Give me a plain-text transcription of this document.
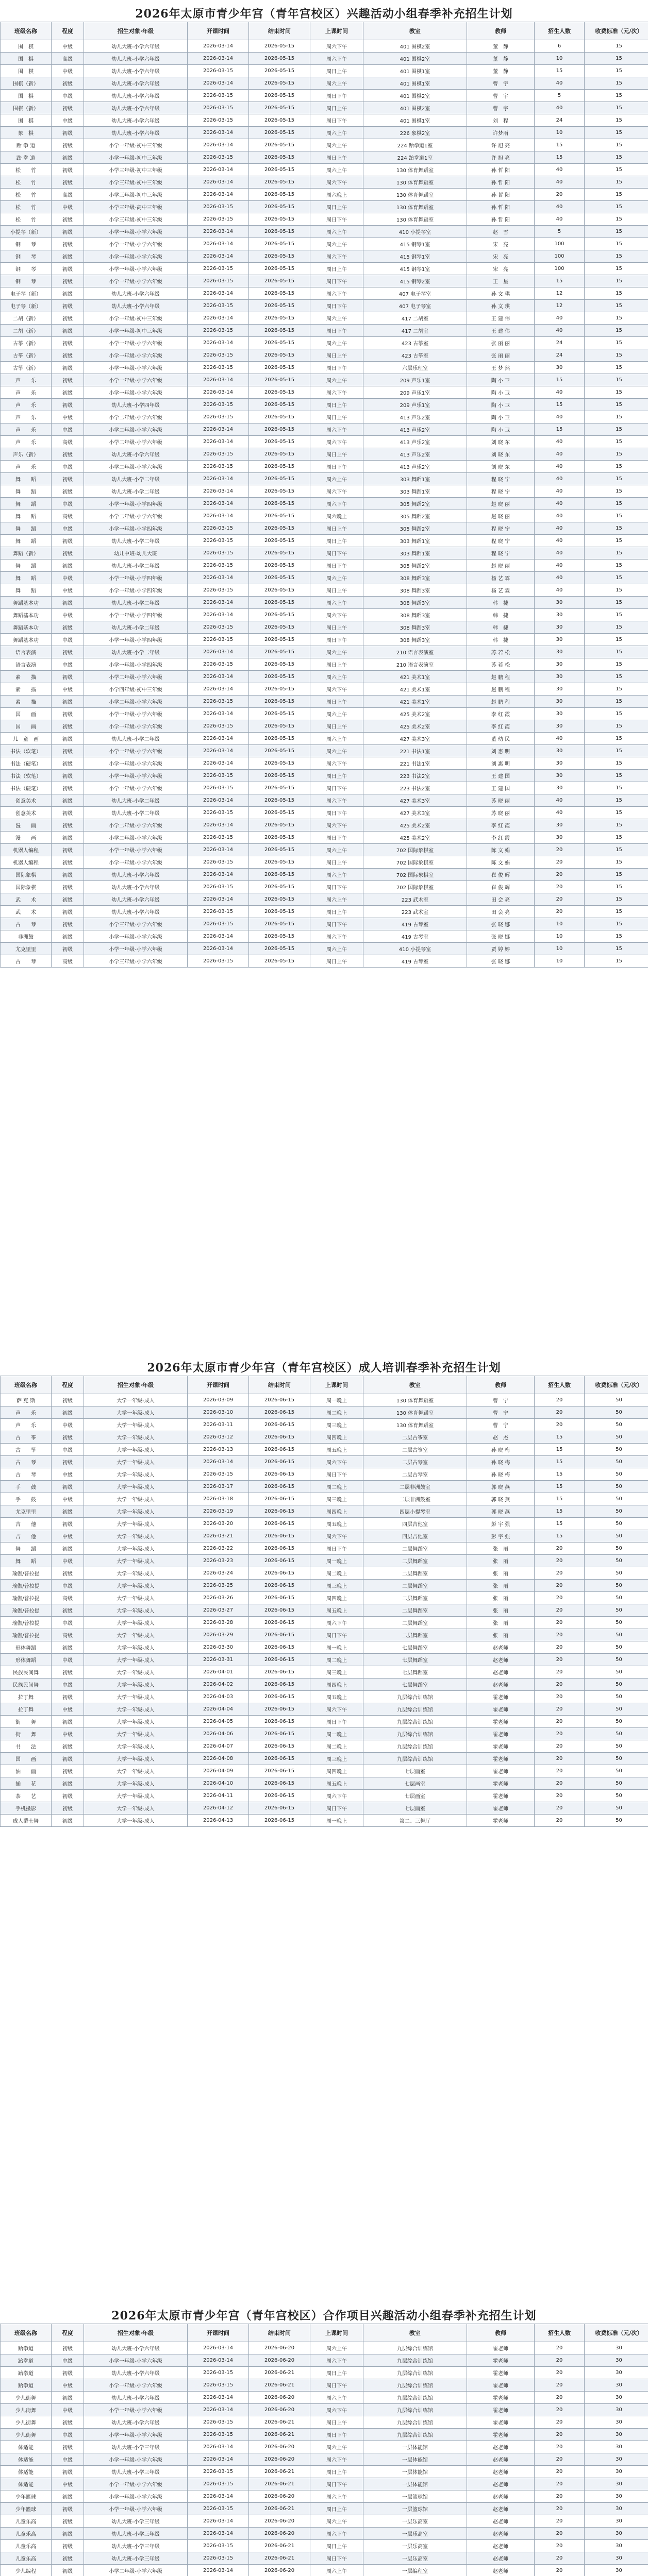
2026年太原市青少年宫（青年宫校区）兴趣活动小组春季补充招生计划
班级名称	程度	招生对象·年级	开课时间	结束时间	上课时间	教室	教师	招生人数	收费标准（元/次）
围　棋	中级	幼儿大班-小学六年级	2026-03-14	2026-05-15	周六下午	401 围棋2室	董　静	6	15
围　棋	高级	幼儿大班-小学六年级	2026-03-14	2026-05-15	周六下午	401 围棋2室	董　静	10	15
围　棋	中级	幼儿大班-小学六年级	2026-03-15	2026-05-15	周日上午	401 围棋1室	董　静	15	15
围棋（新）	初级	幼儿大班-小学六年级	2026-03-14	2026-05-15	周六上午	401 围棋1室	曹　宇	40	15
围　棋	中级	幼儿大班-小学六年级	2026-03-15	2026-05-15	周日下午	401 围棋2室	曹　宇	5	15
围棋（新）	初级	幼儿大班-小学六年级	2026-03-15	2026-05-15	周日上午	401 围棋2室	曹　宇	40	15
围　棋	中级	幼儿大班-小学六年级	2026-03-15	2026-05-15	周日下午	401 围棋1室	刘　程	24	15
象　棋	初级	幼儿大班-小学六年级	2026-03-14	2026-05-15	周六上午	226 象棋2室	许梦雨	10	15
跆 拳 道	初级	小学一年级-初中三年级	2026-03-14	2026-05-15	周六上午	224 跆拳道1室	许 旭 亮	15	15
跆 拳 道	初级	小学一年级-初中三年级	2026-03-15	2026-05-15	周日上午	224 跆拳道1室	许 旭 亮	15	15
松　　竹	初级	小学三年级-初中三年级	2026-03-14	2026-05-15	周六上午	130 体育舞蹈室	孙 哲 阳	40	15
松　　竹	初级	小学三年级-初中三年级	2026-03-14	2026-05-15	周六下午	130 体育舞蹈室	孙 哲 阳	40	15
松　　竹	高级	小学三年级-初中三年级	2026-03-14	2026-05-15	周六晚上	130 体育舞蹈室	孙 哲 阳	20	15
松　　竹	中级	小学三年级-高中三年级	2026-03-15	2026-05-15	周日上午	130 体育舞蹈室	孙 哲 阳	40	15
松　　竹	初级	小学三年级-初中三年级	2026-03-15	2026-05-15	周日下午	130 体育舞蹈室	孙 哲 阳	40	15
小提琴（新）	初级	小学一年级-小学六年级	2026-03-14	2026-05-15	周六上午	410 小提琴室	赵　雪	5	15
钢　　琴	初级	小学一年级-小学六年级	2026-03-14	2026-05-15	周六上午	415 钢琴1室	宋　亮	100	15
钢　　琴	初级	小学一年级-小学六年级	2026-03-14	2026-05-15	周六下午	415 钢琴1室	宋　亮	100	15
钢　　琴	初级	小学一年级-小学六年级	2026-03-15	2026-05-15	周日上午	415 钢琴1室	宋　亮	100	15
钢　　琴	初级	小学一年级-小学六年级	2026-03-15	2026-05-15	周日下午	415 钢琴2室	王　星	15	15
电子琴（新）	初级	幼儿大班-小学六年级	2026-03-14	2026-05-15	周六下午	407 电子琴室	孙 文 琪	12	15
电子琴（新）	初级	幼儿大班-小学六年级	2026-03-15	2026-05-15	周日下午	407 电子琴室	孙 文 琪	12	15
二胡（新）	初级	小学一年级-初中三年级	2026-03-14	2026-05-15	周六上午	417 二胡室	王 建 伟	40	15
二胡（新）	初级	小学一年级-初中三年级	2026-03-15	2026-05-15	周日下午	417 二胡室	王 建 伟	40	15
古筝（新）	初级	小学一年级-小学六年级	2026-03-14	2026-05-15	周六上午	423 古筝室	张 丽 丽	24	15
古筝（新）	初级	小学一年级-小学六年级	2026-03-15	2026-05-15	周日上午	423 古筝室	张 丽 丽	24	15
古筝（新）	初级	小学一年级-小学六年级	2026-03-15	2026-05-15	周日下午	六层乐理室	王 梦 然	30	15
声　　乐	初级	小学一年级-小学六年级	2026-03-14	2026-05-15	周六上午	209 声乐1室	陶 小 卫	15	15
声　　乐	初级	小学一年级-小学六年级	2026-03-14	2026-05-15	周六下午	209 声乐1室	陶 小 卫	40	15
声　　乐	初级	幼儿大班-小学四年级	2026-03-15	2026-05-15	周日上午	209 声乐1室	陶 小 卫	15	15
声　　乐	中级	小学二年级-小学六年级	2026-03-15	2026-05-15	周日上午	413 声乐2室	陶 小 卫	40	15
声　　乐	中级	小学二年级-小学六年级	2026-03-14	2026-05-15	周六下午	413 声乐2室	陶 小 卫	15	15
声　　乐	高级	小学二年级-小学六年级	2026-03-14	2026-05-15	周六下午	413 声乐2室	刘 晓 东	40	15
声乐（新）	初级	幼儿大班-小学六年级	2026-03-15	2026-05-15	周日上午	413 声乐2室	刘 晓 东	40	15
声　　乐	中级	小学二年级-小学六年级	2026-03-15	2026-05-15	周日下午	413 声乐2室	刘 晓 东	40	15
舞　　蹈	初级	幼儿大班-小学二年级	2026-03-14	2026-05-15	周六上午	303 舞蹈1室	程 晓 宁	40	15
舞　　蹈	初级	幼儿大班-小学二年级	2026-03-14	2026-05-15	周六下午	303 舞蹈1室	程 晓 宁	40	15
舞　　蹈	中级	小学一年级-小学四年级	2026-03-14	2026-05-15	周六下午	305 舞蹈2室	赵 晓 丽	40	15
舞　　蹈	高级	小学二年级-小学六年级	2026-03-14	2026-05-15	周六晚上	305 舞蹈2室	赵 晓 丽	40	15
舞　　蹈	中级	小学一年级-小学四年级	2026-03-15	2026-05-15	周日上午	305 舞蹈2室	程 晓 宁	40	15
舞　　蹈	初级	幼儿大班-小学二年级	2026-03-15	2026-05-15	周日上午	303 舞蹈1室	程 晓 宁	40	15
舞蹈（新）	初级	幼儿中班-幼儿大班	2026-03-15	2026-05-15	周日下午	303 舞蹈1室	程 晓 宁	40	15
舞　　蹈	初级	幼儿大班-小学二年级	2026-03-15	2026-05-15	周日下午	305 舞蹈2室	赵 晓 丽	40	15
舞　　蹈	中级	小学一年级-小学四年级	2026-03-14	2026-05-15	周六上午	308 舞蹈3室	杨 艺 霖	40	15
舞　　蹈	中级	小学一年级-小学四年级	2026-03-15	2026-05-15	周日上午	308 舞蹈3室	杨 艺 霖	40	15
舞蹈基本功	初级	幼儿大班-小学二年级	2026-03-14	2026-05-15	周六上午	308 舞蹈3室	韩　捷	30	15
舞蹈基本功	中级	小学一年级-小学四年级	2026-03-14	2026-05-15	周六下午	308 舞蹈3室	韩　捷	30	15
舞蹈基本功	初级	幼儿大班-小学二年级	2026-03-15	2026-05-15	周日上午	308 舞蹈3室	韩　捷	30	15
舞蹈基本功	中级	小学一年级-小学四年级	2026-03-15	2026-05-15	周日下午	308 舞蹈3室	韩　捷	30	15
语言表演	初级	幼儿大班-小学二年级	2026-03-14	2026-05-15	周六上午	210 语言表演室	苏 若 松	30	15
语言表演	中级	小学一年级-小学四年级	2026-03-15	2026-05-15	周日上午	210 语言表演室	苏 若 松	30	15
素　　描	初级	小学二年级-小学六年级	2026-03-14	2026-05-15	周六上午	421 美术1室	赵 鹏 程	30	15
素　　描	中级	小学四年级-初中三年级	2026-03-14	2026-05-15	周六下午	421 美术1室	赵 鹏 程	30	15
素　　描	初级	小学二年级-小学六年级	2026-03-15	2026-05-15	周日上午	421 美术1室	赵 鹏 程	30	15
国　　画	初级	小学一年级-小学六年级	2026-03-14	2026-05-15	周六上午	425 美术2室	李 红 霞	30	15
国　　画	初级	小学一年级-小学六年级	2026-03-15	2026-05-15	周日上午	425 美术2室	李 红 霞	30	15
儿　童　画	初级	幼儿大班-小学二年级	2026-03-14	2026-05-15	周六上午	427 美术3室	董 幼 民	40	15
书法（软笔）	初级	小学一年级-小学六年级	2026-03-14	2026-05-15	周六上午	221 书法1室	刘 惠 明	30	15
书法（硬笔）	初级	小学一年级-小学六年级	2026-03-14	2026-05-15	周六下午	221 书法1室	刘 惠 明	30	15
书法（软笔）	初级	小学一年级-小学六年级	2026-03-15	2026-05-15	周日上午	223 书法2室	王 建 国	30	15
书法（硬笔）	初级	小学一年级-小学六年级	2026-03-15	2026-05-15	周日下午	223 书法2室	王 建 国	30	15
创意美术	初级	幼儿大班-小学二年级	2026-03-14	2026-05-15	周六下午	427 美术3室	苏 晓 丽	40	15
创意美术	初级	幼儿大班-小学二年级	2026-03-15	2026-05-15	周日下午	427 美术3室	苏 晓 丽	40	15
漫　　画	初级	小学二年级-小学六年级	2026-03-14	2026-05-15	周六下午	425 美术2室	李 红 霞	30	15
漫　　画	初级	小学二年级-小学六年级	2026-03-15	2026-05-15	周日下午	425 美术2室	李 红 霞	30	15
机器人编程	初级	小学一年级-小学六年级	2026-03-14	2026-05-15	周六上午	702 国际象棋室	陈 文 娟	20	15
机器人编程	初级	小学一年级-小学六年级	2026-03-15	2026-05-15	周日上午	702 国际象棋室	陈 文 娟	20	15
国际象棋	初级	幼儿大班-小学六年级	2026-03-14	2026-05-15	周六上午	702 国际象棋室	崔 俊 辉	20	15
国际象棋	初级	幼儿大班-小学六年级	2026-03-15	2026-05-15	周日下午	702 国际象棋室	崔 俊 辉	20	15
武　　术	初级	幼儿大班-小学六年级	2026-03-14	2026-05-15	周六上午	223 武术室	田 会 亮	20	15
武　　术	初级	幼儿大班-小学六年级	2026-03-15	2026-05-15	周日上午	223 武术室	田 会 亮	20	15
古　　琴	初级	小学三年级-小学六年级	2026-03-15	2026-05-15	周日下午	419 古琴室	张 晓 娜	10	15
非洲鼓	初级	小学一年级-小学六年级	2026-03-14	2026-05-15	周六下午	419 古琴室	张 晓 娜	10	15
尤克里里	初级	小学一年级-小学六年级	2026-03-14	2026-05-15	周六上午	410 小提琴室	贾 婷 婷	10	15
古　　琴	高级	小学三年级-小学六年级	2026-03-15	2026-05-15	周日上午	419 古琴室	张 晓 娜	10	15
2026年太原市青少年宫（青年宫校区）成人培训春季补充招生计划
班级名称	程度	招生对象·年级	开课时间	结束时间	上课时间	教室	教师	招生人数	收费标准（元/次）
萨 克 斯	初级	大学一年级-成人	2026-03-09	2026-06-15	周一晚上	130 体育舞蹈室	曹　宁	20	50
声　　乐	初级	大学一年级-成人	2026-03-10	2026-06-15	周二晚上	130 体育舞蹈室	曹　宁	20	50
声　　乐	中级	大学一年级-成人	2026-03-11	2026-06-15	周三晚上	130 体育舞蹈室	曹　宁	20	50
古　　筝	初级	大学一年级-成人	2026-03-12	2026-06-15	周四晚上	二层古筝室	赵　杰	15	50
古　　筝	中级	大学一年级-成人	2026-03-13	2026-06-15	周五晚上	二层古筝室	孙 晓 梅	15	50
古　　琴	初级	大学一年级-成人	2026-03-14	2026-06-15	周六下午	二层古琴室	孙 晓 梅	15	50
古　　琴	中级	大学一年级-成人	2026-03-15	2026-06-15	周日下午	二层古琴室	孙 晓 梅	15	50
手　　鼓	初级	大学一年级-成人	2026-03-17	2026-06-15	周二晚上	二层非洲鼓室	郭 晓 燕	15	50
手　　鼓	中级	大学一年级-成人	2026-03-18	2026-06-15	周三晚上	二层非洲鼓室	郭 晓 燕	15	50
尤克里里	初级	大学一年级-成人	2026-03-19	2026-06-15	周四晚上	四层小提琴室	郭 晓 燕	15	50
吉　　他	初级	大学一年级-成人	2026-03-20	2026-06-15	周五晚上	四层吉他室	彭 宇 强	15	50
吉　　他	中级	大学一年级-成人	2026-03-21	2026-06-15	周六下午	四层吉他室	彭 宇 强	15	50
舞　　蹈	初级	大学一年级-成人	2026-03-22	2026-06-15	周日下午	二层舞蹈室	张　丽	20	50
舞　　蹈	中级	大学一年级-成人	2026-03-23	2026-06-15	周一晚上	二层舞蹈室	张　丽	20	50
瑜伽/普拉提	初级	大学一年级-成人	2026-03-24	2026-06-15	周二晚上	二层舞蹈室	张　丽	20	50
瑜伽/普拉提	中级	大学一年级-成人	2026-03-25	2026-06-15	周三晚上	二层舞蹈室	张　丽	20	50
瑜伽/普拉提	高级	大学一年级-成人	2026-03-26	2026-06-15	周四晚上	二层舞蹈室	张　丽	20	50
瑜伽/普拉提	初级	大学一年级-成人	2026-03-27	2026-06-15	周五晚上	二层舞蹈室	张　丽	20	50
瑜伽/普拉提	中级	大学一年级-成人	2026-03-28	2026-06-15	周六下午	二层舞蹈室	张　丽	20	50
瑜伽/普拉提	高级	大学一年级-成人	2026-03-29	2026-06-15	周日下午	二层舞蹈室	张　丽	20	50
形体舞蹈	初级	大学一年级-成人	2026-03-30	2026-06-15	周一晚上	七层舞蹈室	赵老师	20	50
形体舞蹈	中级	大学一年级-成人	2026-03-31	2026-06-15	周二晚上	七层舞蹈室	赵老师	20	50
民族民间舞	初级	大学一年级-成人	2026-04-01	2026-06-15	周三晚上	七层舞蹈室	赵老师	20	50
民族民间舞	中级	大学一年级-成人	2026-04-02	2026-06-15	周四晚上	七层舞蹈室	赵老师	20	50
拉丁舞	初级	大学一年级-成人	2026-04-03	2026-06-15	周五晚上	九层综合训练馆	霍老师	20	50
拉丁舞	中级	大学一年级-成人	2026-04-04	2026-06-15	周六下午	九层综合训练馆	霍老师	20	50
街　　舞	初级	大学一年级-成人	2026-04-05	2026-06-15	周日下午	九层综合训练馆	霍老师	20	50
街　　舞	中级	大学一年级-成人	2026-04-06	2026-06-15	周一晚上	九层综合训练馆	霍老师	20	50
书　　法	初级	大学一年级-成人	2026-04-07	2026-06-15	周二晚上	九层综合训练馆	霍老师	20	50
国　　画	初级	大学一年级-成人	2026-04-08	2026-06-15	周三晚上	九层综合训练馆	霍老师	20	50
油　　画	初级	大学一年级-成人	2026-04-09	2026-06-15	周四晚上	七层画室	霍老师	20	50
插　　花	初级	大学一年级-成人	2026-04-10	2026-06-15	周五晚上	七层画室	霍老师	20	50
茶　　艺	初级	大学一年级-成人	2026-04-11	2026-06-15	周六下午	七层画室	霍老师	20	50
手机摄影	初级	大学一年级-成人	2026-04-12	2026-06-15	周日下午	七层画室	霍老师	20	50
成人爵士舞	初级	大学一年级-成人	2026-04-13	2026-06-15	周一晚上	第二、三舞厅	霍老师	20	50
2026年太原市青少年宫（青年宫校区）合作项目兴趣活动小组春季补充招生计划
班级名称	程度	招生对象·年级	开课时间	结束时间	上课时间	教室	教师	招生人数	收费标准（元/次）
跆拳道	初级	幼儿大班-小学六年级	2026-03-14	2026-06-20	周六上午	九层综合训练馆	霍老师	20	30
跆拳道	中级	小学一年级-小学六年级	2026-03-14	2026-06-20	周六下午	九层综合训练馆	霍老师	20	30
跆拳道	初级	幼儿大班-小学六年级	2026-03-15	2026-06-21	周日上午	九层综合训练馆	霍老师	20	30
跆拳道	中级	小学一年级-小学六年级	2026-03-15	2026-06-21	周日下午	九层综合训练馆	霍老师	20	30
少儿街舞	初级	幼儿大班-小学六年级	2026-03-14	2026-06-20	周六上午	九层综合训练馆	霍老师	20	30
少儿街舞	中级	小学一年级-小学六年级	2026-03-14	2026-06-20	周六下午	九层综合训练馆	霍老师	20	30
少儿街舞	初级	幼儿大班-小学六年级	2026-03-15	2026-06-21	周日上午	九层综合训练馆	霍老师	20	30
少儿街舞	中级	小学一年级-小学六年级	2026-03-15	2026-06-21	周日下午	九层综合训练馆	霍老师	20	30
体适能	初级	幼儿大班-小学三年级	2026-03-14	2026-06-20	周六上午	一层体能馆	赵老师	20	30
体适能	中级	小学一年级-小学六年级	2026-03-14	2026-06-20	周六下午	一层体能馆	赵老师	20	30
体适能	初级	幼儿大班-小学三年级	2026-03-15	2026-06-21	周日上午	一层体能馆	赵老师	20	30
体适能	中级	小学一年级-小学六年级	2026-03-15	2026-06-21	周日下午	一层体能馆	赵老师	20	30
少年篮球	初级	小学一年级-小学六年级	2026-03-14	2026-06-20	周六上午	一层篮球馆	赵老师	20	30
少年篮球	初级	小学一年级-小学六年级	2026-03-15	2026-06-21	周日上午	一层篮球馆	赵老师	20	30
儿童乐高	初级	幼儿大班-小学三年级	2026-03-14	2026-06-20	周六上午	一层乐高室	赵老师	20	30
儿童乐高	初级	幼儿大班-小学三年级	2026-03-14	2026-06-20	周六下午	一层乐高室	赵老师	20	30
儿童乐高	初级	幼儿大班-小学三年级	2026-03-15	2026-06-21	周日上午	一层乐高室	赵老师	20	30
儿童乐高	初级	幼儿大班-小学三年级	2026-03-15	2026-06-21	周日下午	一层乐高室	赵老师	20	30
少儿编程	初级	小学二年级-小学六年级	2026-03-14	2026-06-20	周六上午	一层编程室	赵老师	20	30
